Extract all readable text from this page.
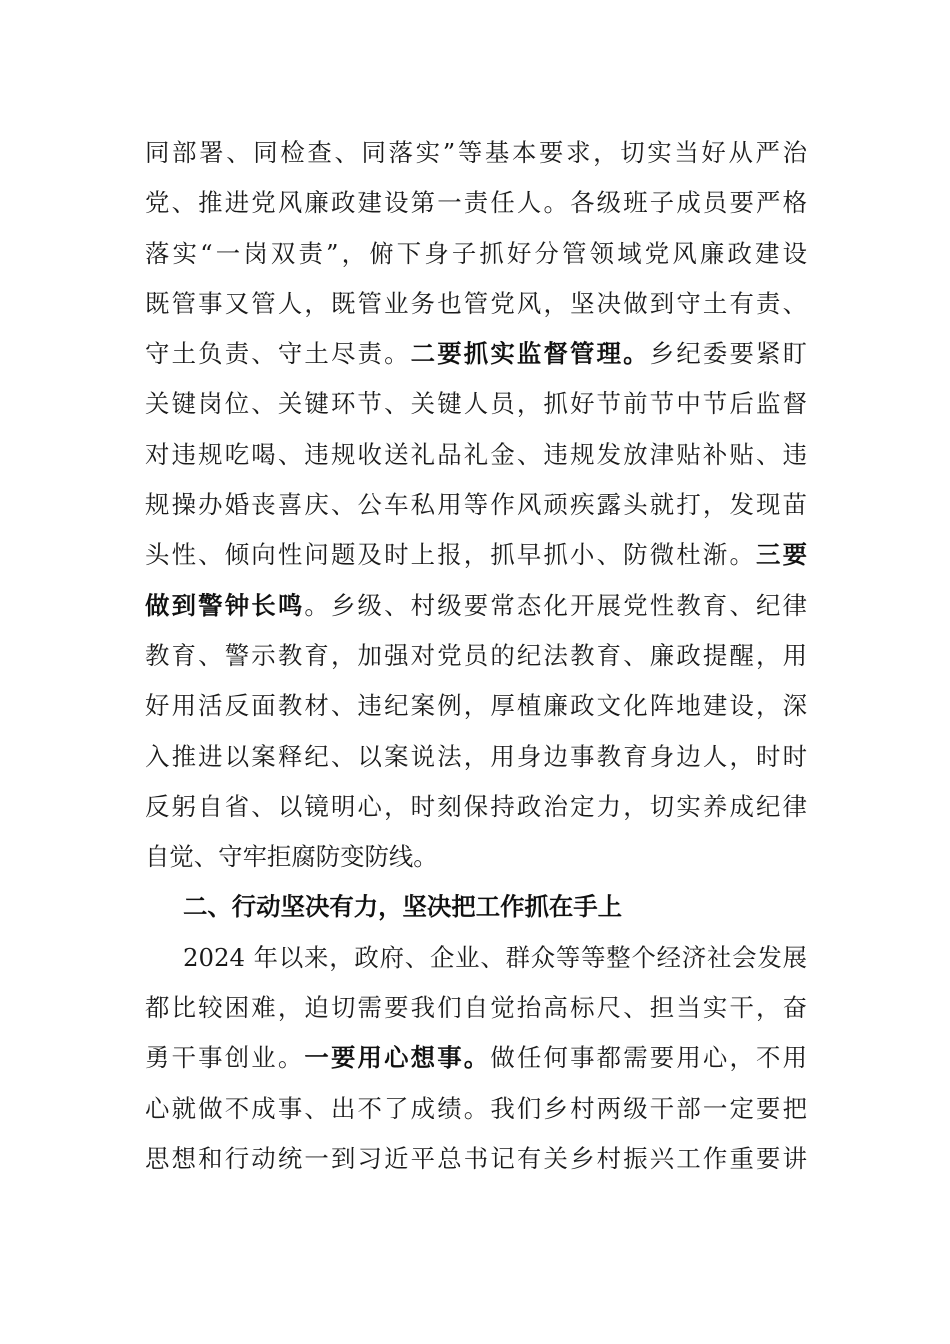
同部署、同检查、同落实”等基本要求，切实当好从严治
党、推进党风廉政建设第一责任人。各级班子成员要严格
落实“一岗双责”，俯下身子抓好分管领域党风廉政建设
既管事又管人，既管业务也管党风，坚决做到守土有责、
守土负责、守土尽责。二要抓实监督管理。乡纪委要紧盯
关键岗位、关键环节、关键人员，抓好节前节中节后监督
对违规吃喝、违规收送礼品礼金、违规发放津贴补贴、违
规操办婚丧喜庆、公车私用等作风顽疾露头就打，发现苗
头性、倾向性问题及时上报，抓早抓小、防微杜渐。三要
做到警钟长鸣。乡级、村级要常态化开展党性教育、纪律
教育、警示教育，加强对党员的纪法教育、廉政提醒，用
好用活反面教材、违纪案例，厚植廉政文化阵地建设，深
入推进以案释纪、以案说法，用身边事教育身边人，时时
反躬自省、以镜明心，时刻保持政治定力，切实养成纪律
自觉、守牢拒腐防变防线。
二、行动坚决有力，坚决把工作抓在手上
2024 年以来，政府、企业、群众等等整个经济社会发展
都比较困难，迫切需要我们自觉抬高标尺、担当实干，奋
勇干事创业。一要用心想事。做任何事都需要用心，不用
心就做不成事、出不了成绩。我们乡村两级干部一定要把
思想和行动统一到习近平总书记有关乡村振兴工作重要讲
